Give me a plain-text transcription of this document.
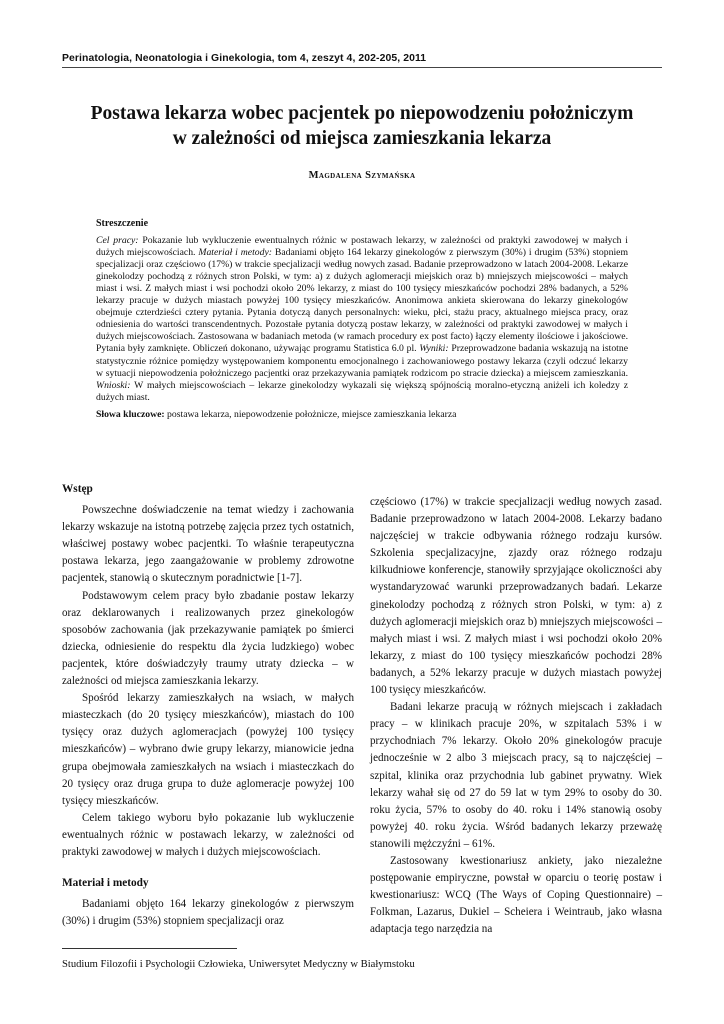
Perinatologia, Neonatologia i Ginekologia, tom 4, zeszyt 4, 202-205, 2011
Postawa lekarza wobec pacjentek po niepowodzeniu położniczym
w zależności od miejsca zamieszkania lekarza
Magdalena Szymańska
Streszczenie

Cel pracy: Pokazanie lub wykluczenie ewentualnych różnic w postawach lekarzy, w zależności od praktyki zawodowej w małych i dużych miejscowościach. Materiał i metody: Badaniami objęto 164 lekarzy ginekologów z pierwszym (30%) i drugim (53%) stopniem specjalizacji oraz częściowo (17%) w trakcie specjalizacji według nowych zasad. Badanie przeprowadzono w latach 2004-2008. Lekarze ginekolodzy pochodzą z różnych stron Polski, w tym: a) z dużych aglomeracji miejskich oraz b) mniejszych miejscowości – małych miast i wsi. Z małych miast i wsi pochodzi około 20% lekarzy, z miast do 100 tysięcy mieszkańców pochodzi 28% badanych, a 52% lekarzy pracuje w dużych miastach powyżej 100 tysięcy mieszkańców. Anonimowa ankieta skierowana do lekarzy ginekologów obejmuje czterdzieści cztery pytania. Pytania dotyczą danych personalnych: wieku, płci, stażu pracy, aktualnego miejsca pracy, oraz odniesienia do wartości transcendentnych. Pozostałe pytania dotyczą postaw lekarzy, w zależności od praktyki zawodowej w małych i dużych miejscowościach. Zastosowana w badaniach metoda (w ramach procedury ex post facto) łączy elementy ilościowe i jakościowe. Pytania były zamknięte. Obliczeń dokonano, używając programu Statistica 6.0 pl. Wyniki: Przeprowadzone badania wskazują na istotne statystycznie różnice pomiędzy występowaniem komponentu emocjonalnego i zachowaniowego postawy lekarza (czyli odczuć lekarzy w sytuacji niepowodzenia położniczego pacjentki oraz przekazywania pamiątek rodzicom po stracie dziecka) a miejscem zamieszkania. Wnioski: W małych miejscowościach – lekarze ginekolodzy wykazali się większą spójnością moralno-etyczną aniżeli ich koledzy z dużych miast.

Słowa kluczowe: postawa lekarza, niepowodzenie położnicze, miejsce zamieszkania lekarza

Wstęp

Powszechne doświadczenie na temat wiedzy i zachowania lekarzy wskazuje na istotną potrzebę zajęcia przez tych ostatnich, właściwej postawy wobec pacjentki. To właśnie terapeutyczna postawa lekarza, jego zaangażowanie w problemy zdrowotne pacjentek, stanowią o skutecznym poradnictwie [1-7].

Podstawowym celem pracy było zbadanie postaw lekarzy oraz deklarowanych i realizowanych przez ginekologów sposobów zachowania (jak przekazywanie pamiątek po śmierci dziecka, odniesienie do respektu dla życia ludzkiego) wobec pacjentek, które doświadczyły traumy utraty dziecka – w zależności od miejsca zamieszkania lekarzy.

Spośród lekarzy zamieszkałych na wsiach, w małych miasteczkach (do 20 tysięcy mieszkańców), miastach do 100 tysięcy oraz dużych aglomeracjach (powyżej 100 tysięcy mieszkańców) – wybrano dwie grupy lekarzy, mianowicie jedna grupa obejmowała zamieszkałych na wsiach i miasteczkach do 20 tysięcy oraz druga grupa to duże aglomeracje powyżej 100 tysięcy mieszkańców.

Celem takiego wyboru było pokazanie lub wykluczenie ewentualnych różnic w postawach lekarzy, w zależności od praktyki zawodowej w małych i dużych miejscowościach.

Materiał i metody

Badaniami objęto 164 lekarzy ginekologów z pierwszym (30%) i drugim (53%) stopniem specjalizacji oraz

częściowo (17%) w trakcie specjalizacji według nowych zasad. Badanie przeprowadzono w latach 2004-2008. Lekarzy badano najczęściej w trakcie odbywania różnego rodzaju kursów. Szkolenia specjalizacyjne, zjazdy oraz różnego rodzaju kilkudniowe konferencje, stanowiły sprzyjające okoliczności aby wystandaryzować warunki przeprowadzanych badań. Lekarze ginekolodzy pochodzą z różnych stron Polski, w tym: a) z dużych aglomeracji miejskich oraz b) mniejszych miejscowości – małych miast i wsi. Z małych miast i wsi pochodzi około 20% lekarzy, z miast do 100 tysięcy mieszkańców pochodzi 28% badanych, a 52% lekarzy pracuje w dużych miastach powyżej 100 tysięcy mieszkańców.

Badani lekarze pracują w różnych miejscach i zakładach pracy – w klinikach pracuje 20%, w szpitalach 53% i w przychodniach 7% lekarzy. Około 20% ginekologów pracuje jednocześnie w 2 albo 3 miejscach pracy, są to najczęściej – szpital, klinika oraz przychodnia lub gabinet prywatny. Wiek lekarzy wahał się od 27 do 59 lat w tym 29% to osoby do 30. roku życia, 57% to osoby do 40. roku i 14% stanowią osoby powyżej 40. roku życia. Wśród badanych lekarzy przeważę stanowili mężczyźni – 61%.

Zastosowany kwestionariusz ankiety, jako niezależne postępowanie empiryczne, powstał w oparciu o teorię postaw i kwestionariusz: WCQ (The Ways of Coping Questionnaire) – Folkman, Lazarus, Dukiel – Scheiera i Weintraub, jako własna adaptacja tego narzędzia na

Studium Filozofii i Psychologii Człowieka, Uniwersytet Medyczny w Białymstoku
